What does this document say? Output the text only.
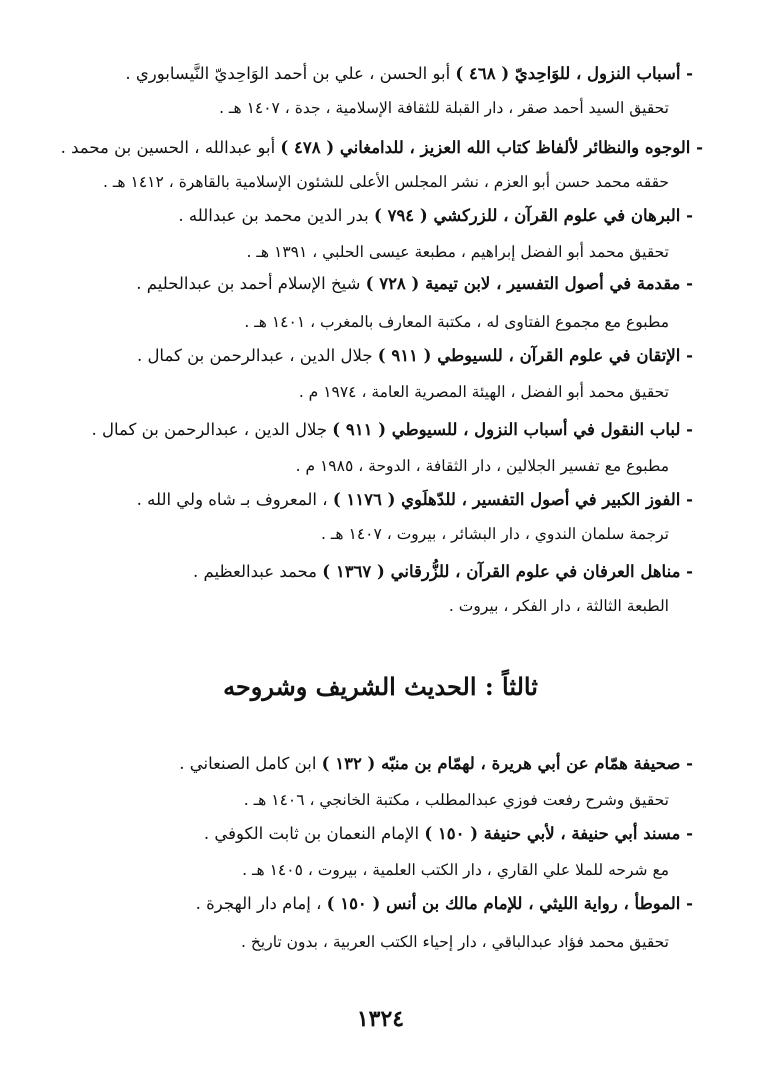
- أسباب النزول ، للوَاحِديّ ( ٤٦٨ ) أبو الحسن ، علي بن أحمد الوَاحِديّ النَّيسابوري .
تحقيق السيد أحمد صقر ، دار القبلة للثقافة الإسلامية ، جدة ، ١٤٠٧ هـ .
- الوجوه والنظائر لألفاظ كتاب الله العزيز ، للدامغاني ( ٤٧٨ ) أبو عبدالله ، الحسين بن محمد .
حققه محمد حسن أبو العزم ، نشر المجلس الأعلى للشئون الإسلامية بالقاهرة ، ١٤١٢ هـ .
- البرهان في علوم القرآن ، للزركشي ( ٧٩٤ ) بدر الدين محمد بن عبدالله .
تحقيق محمد أبو الفضل إبراهيم ، مطبعة عيسى الحلبي ، ١٣٩١ هـ .
- مقدمة في أصول التفسير ، لابن تيمية ( ٧٢٨ ) شيخ الإسلام أحمد بن عبدالحليم .
مطبوع مع مجموع الفتاوى له ، مكتبة المعارف بالمغرب ، ١٤٠١ هـ .
- الإتقان في علوم القرآن ، للسيوطي ( ٩١١ ) جلال الدين ، عبدالرحمن بن كمال .
تحقيق محمد أبو الفضل ، الهيئة المصرية العامة ، ١٩٧٤ م .
- لباب النقول في أسباب النزول ، للسيوطي ( ٩١١ ) جلال الدين ، عبدالرحمن بن كمال .
مطبوع مع تفسير الجلالين ، دار الثقافة ، الدوحة ، ١٩٨٥ م .
- الفوز الكبير في أصول التفسير ، للدّهلَوي ( ١١٧٦ ) ، المعروف بـ شاه ولي الله .
ترجمة سلمان الندوي ، دار البشائر ، بيروت ، ١٤٠٧ هـ .
- مناهل العرفان في علوم القرآن ، للزُّرقاني ( ١٣٦٧ ) محمد عبدالعظيم .
الطبعة الثالثة ، دار الفكر ، بيروت .
ثالثاً : الحديث الشريف وشروحه
- صحيفة همّام عن أبي هريرة ، لهمّام بن منبّه ( ١٣٢ ) ابن كامل الصنعاني .
تحقيق وشرح رفعت فوزي عبدالمطلب ، مكتبة الخانجي ، ١٤٠٦ هـ .
- مسند أبي حنيفة ، لأبي حنيفة ( ١٥٠ ) الإمام النعمان بن ثابت الكوفي .
مع شرحه للملا علي القاري ، دار الكتب العلمية ، بيروت ، ١٤٠٥ هـ .
- الموطأ ، رواية الليثي ، للإمام مالك بن أنس ( ١٥٠ ) ، إمام دار الهجرة .
تحقيق محمد فؤاد عبدالباقي ، دار إحياء الكتب العربية ، بدون تاريخ .
١٣٢٤
